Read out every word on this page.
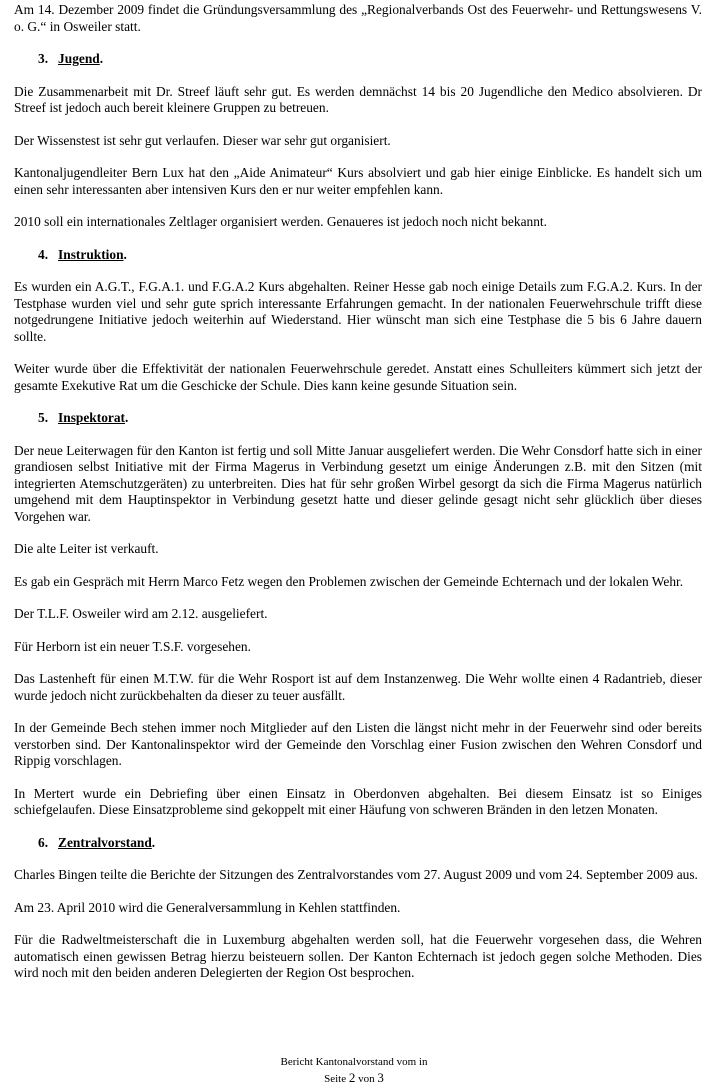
Am 14. Dezember 2009 findet die Gründungsversammlung des „Regionalverbands Ost des Feuerwehr- und Rettungswesens V. o. G.“ in Osweiler statt.

3. Jugend.

Die Zusammenarbeit mit Dr. Streef läuft sehr gut. Es werden demnächst 14 bis 20 Jugendliche den Medico absolvieren. Dr Streef ist jedoch auch bereit kleinere Gruppen zu betreuen.

Der Wissenstest ist sehr gut verlaufen. Dieser war sehr gut organisiert.

Kantonaljugendleiter Bern Lux hat den „Aide Animateur“ Kurs absolviert und gab hier einige Einblicke. Es handelt sich um einen sehr interessanten aber intensiven Kurs den er nur weiter empfehlen kann.

2010 soll ein internationales Zeltlager organisiert werden. Genaueres ist jedoch noch nicht bekannt.

4. Instruktion.

Es wurden ein A.G.T., F.G.A.1. und F.G.A.2 Kurs abgehalten. Reiner Hesse gab noch einige Details zum F.G.A.2. Kurs. In der Testphase wurden viel und sehr gute sprich interessante Erfahrungen gemacht. In der nationalen Feuerwehrschule trifft diese notgedrungene Initiative jedoch weiterhin auf Wiederstand. Hier wünscht man sich eine Testphase die 5 bis 6 Jahre dauern sollte.

Weiter wurde über die Effektivität der nationalen Feuerwehrschule geredet. Anstatt eines Schulleiters kümmert sich jetzt der gesamte Exekutive Rat um die Geschicke der Schule. Dies kann keine gesunde Situation sein.

5. Inspektorat.

Der neue Leiterwagen für den Kanton ist fertig und soll Mitte Januar ausgeliefert werden. Die Wehr Consdorf hatte sich in einer grandiosen selbst Initiative mit der Firma Magerus in Verbindung gesetzt um einige Änderungen z.B. mit den Sitzen (mit integrierten Atemschutzgeräten) zu unterbreiten. Dies hat für sehr großen Wirbel gesorgt da sich die Firma Magerus natürlich umgehend mit dem Hauptinspektor in Verbindung gesetzt hatte und dieser gelinde gesagt nicht sehr glücklich über dieses Vorgehen war.

Die alte Leiter ist verkauft.

Es gab ein Gespräch mit Herrn Marco Fetz wegen den Problemen zwischen der Gemeinde Echternach und der lokalen Wehr.

Der T.L.F. Osweiler wird am 2.12. ausgeliefert.

Für Herborn ist ein neuer T.S.F. vorgesehen.

Das Lastenheft für einen M.T.W. für die Wehr Rosport ist auf dem Instanzenweg. Die Wehr wollte einen 4 Radantrieb, dieser wurde jedoch nicht zurückbehalten da dieser zu teuer ausfällt.

In der Gemeinde Bech stehen immer noch Mitglieder auf den Listen die längst nicht mehr in der Feuerwehr sind oder bereits verstorben sind. Der Kantonalinspektor wird der Gemeinde den Vorschlag einer Fusion zwischen den Wehren Consdorf und Rippig vorschlagen.

In Mertert wurde ein Debriefing über einen Einsatz in Oberdonven abgehalten. Bei diesem Einsatz ist so Einiges schiefgelaufen. Diese Einsatzprobleme sind gekoppelt mit einer Häufung von schweren Bränden in den letzen Monaten.

6. Zentralvorstand.

Charles Bingen teilte die Berichte der Sitzungen des Zentralvorstandes vom 27. August 2009 und vom 24. September 2009 aus.

Am 23. April 2010 wird die Generalversammlung in Kehlen stattfinden.

Für die Radweltmeisterschaft die in Luxemburg abgehalten werden soll, hat die Feuerwehr vorgesehen dass, die Wehren automatisch einen gewissen Betrag hierzu beisteuern sollen. Der Kanton Echternach ist jedoch gegen solche Methoden. Dies wird noch mit den beiden anderen Delegierten der Region Ost besprochen.

Bericht Kantonalvorstand vom in
Seite 2 von 3
